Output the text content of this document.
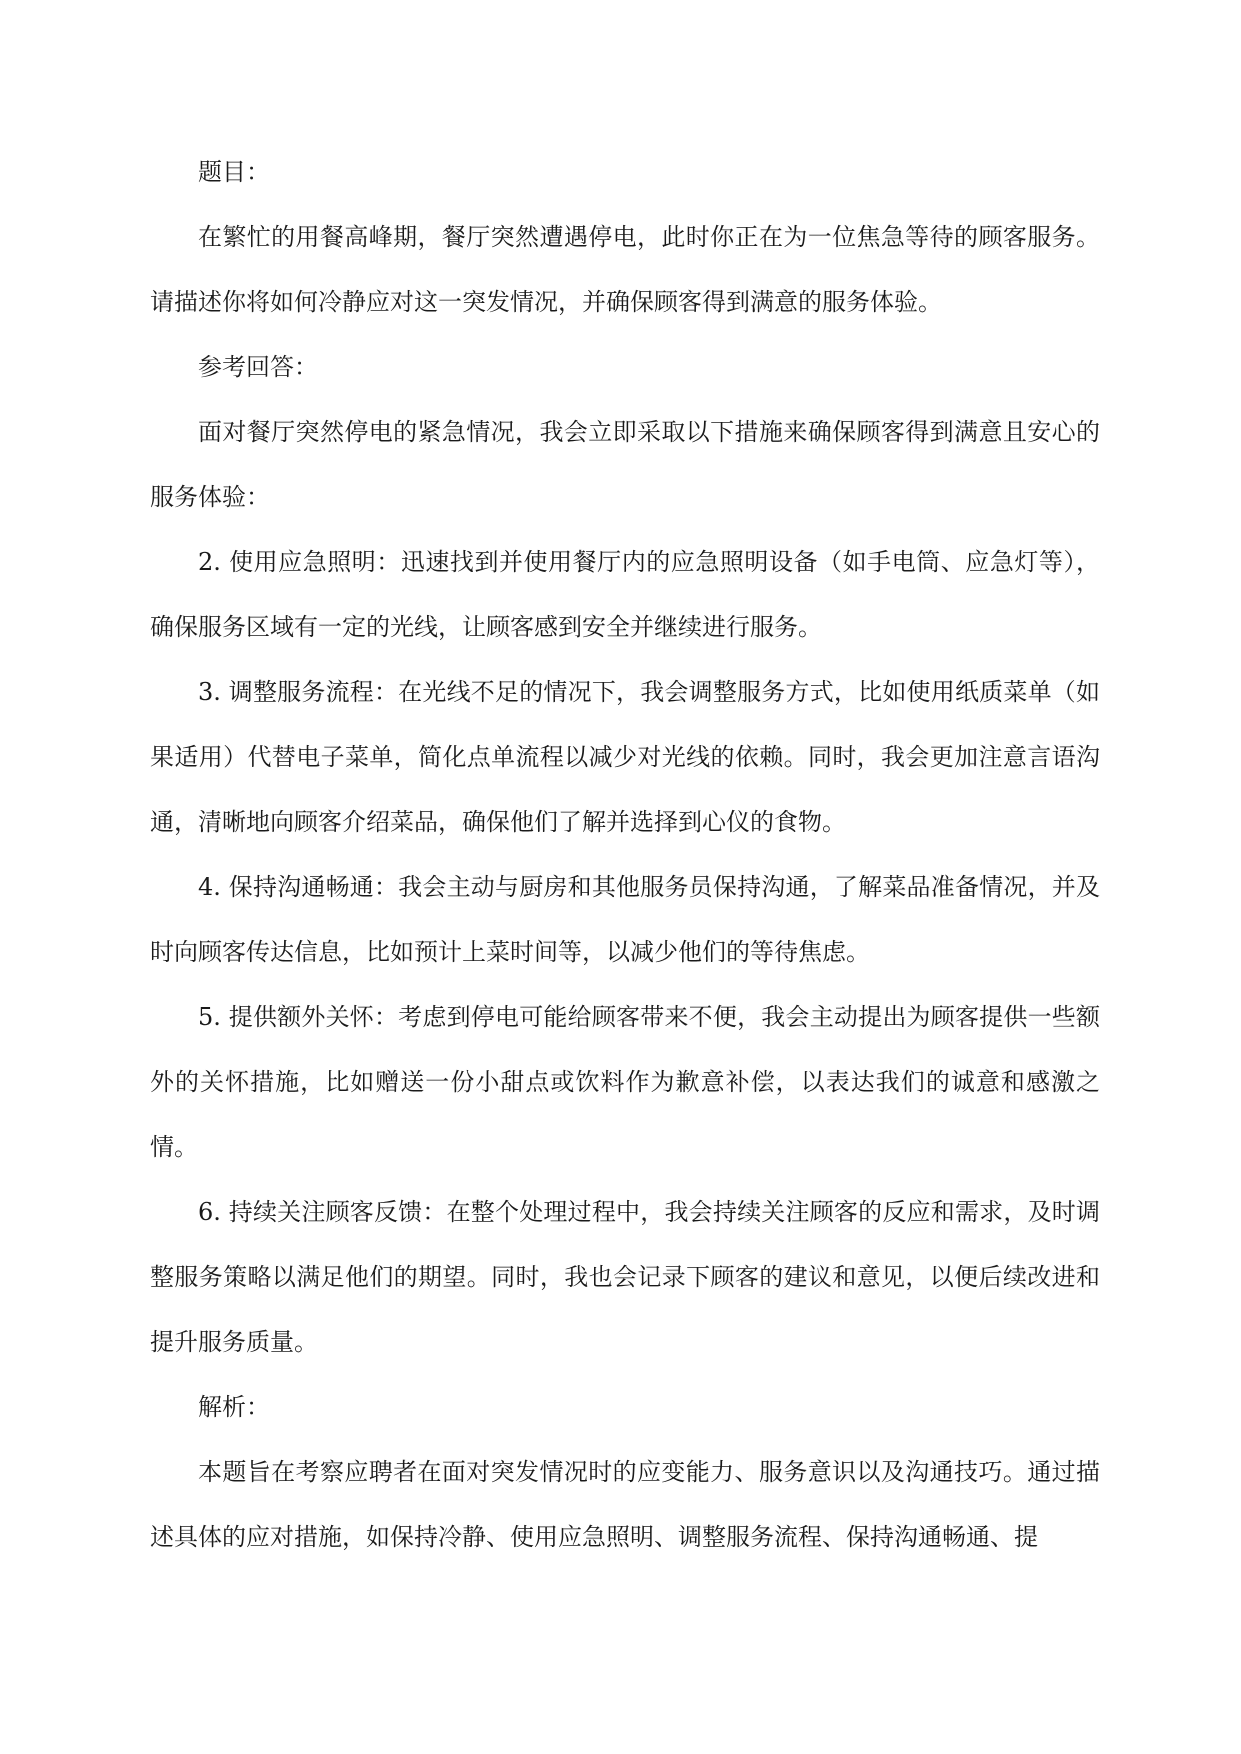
题目：

在繁忙的用餐高峰期，餐厅突然遭遇停电，此时你正在为一位焦急等待的顾客服务。请描述你将如何冷静应对这一突发情况，并确保顾客得到满意的服务体验。

参考回答：

面对餐厅突然停电的紧急情况，我会立即采取以下措施来确保顾客得到满意且安心的服务体验：

2. 使用应急照明：迅速找到并使用餐厅内的应急照明设备（如手电筒、应急灯等），确保服务区域有一定的光线，让顾客感到安全并继续进行服务。

3. 调整服务流程：在光线不足的情况下，我会调整服务方式，比如使用纸质菜单（如果适用）代替电子菜单，简化点单流程以减少对光线的依赖。同时，我会更加注意言语沟通，清晰地向顾客介绍菜品，确保他们了解并选择到心仪的食物。

4. 保持沟通畅通：我会主动与厨房和其他服务员保持沟通，了解菜品准备情况，并及时向顾客传达信息，比如预计上菜时间等，以减少他们的等待焦虑。

5. 提供额外关怀：考虑到停电可能给顾客带来不便，我会主动提出为顾客提供一些额外的关怀措施，比如赠送一份小甜点或饮料作为歉意补偿，以表达我们的诚意和感激之情。

6. 持续关注顾客反馈：在整个处理过程中，我会持续关注顾客的反应和需求，及时调整服务策略以满足他们的期望。同时，我也会记录下顾客的建议和意见，以便后续改进和提升服务质量。

解析：

本题旨在考察应聘者在面对突发情况时的应变能力、服务意识以及沟通技巧。通过描述具体的应对措施，如保持冷静、使用应急照明、调整服务流程、保持沟通畅通、提
